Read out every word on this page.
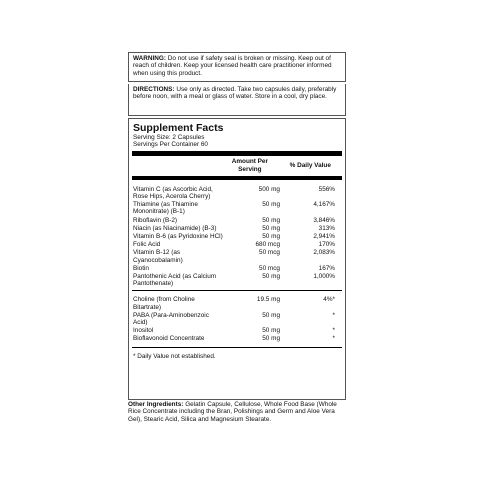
WARNING: Do not use if safety seal is broken or missing. Keep out of reach of children. Keep your licensed health care practitioner informed when using this product.
DIRECTIONS: Use only as directed. Take two capsules daily, preferably before noon, with a meal or glass of water. Store in a cool, dry place.
Supplement Facts
Serving Size: 2 Capsules
Servings Per Container 60
Amount Per Serving
% Daily Value
Vitamin C (as Ascorbic Acid, Rose Hips, Acerola Cherry)	500 mg	556%
Thiamine (as Thiamine Mononitrate) (B-1)	50 mg	4,167%
Riboflavin (B-2)	50 mg	3,846%
Niacin (as Niacinamide) (B-3)	50 mg	313%
Vitamin B-6 (as Pyridoxine HCl)	50 mg	2,941%
Folic Acid	680 mcg	170%
Vitamin B-12 (as Cyanocobalamin)	50 mcg	2,083%
Biotin	50 mcg	167%
Pantothenic Acid (as Calcium Pantothenate)	50 mg	1,000%
Choline (from Choline Bitartrate)	19.5 mg	4%*
PABA (Para-Aminobenzoic Acid)	50 mg	*
Inositol	50 mg	*
Bioflavonoid Concentrate	50 mg	*
* Daily Value not established.
Other Ingredients: Gelatin Capsule, Cellulose, Whole Food Base (Whole Rice Concentrate including the Bran, Polishings and Germ and Aloe Vera Gel), Stearic Acid, Silica and Magnesium Stearate.
